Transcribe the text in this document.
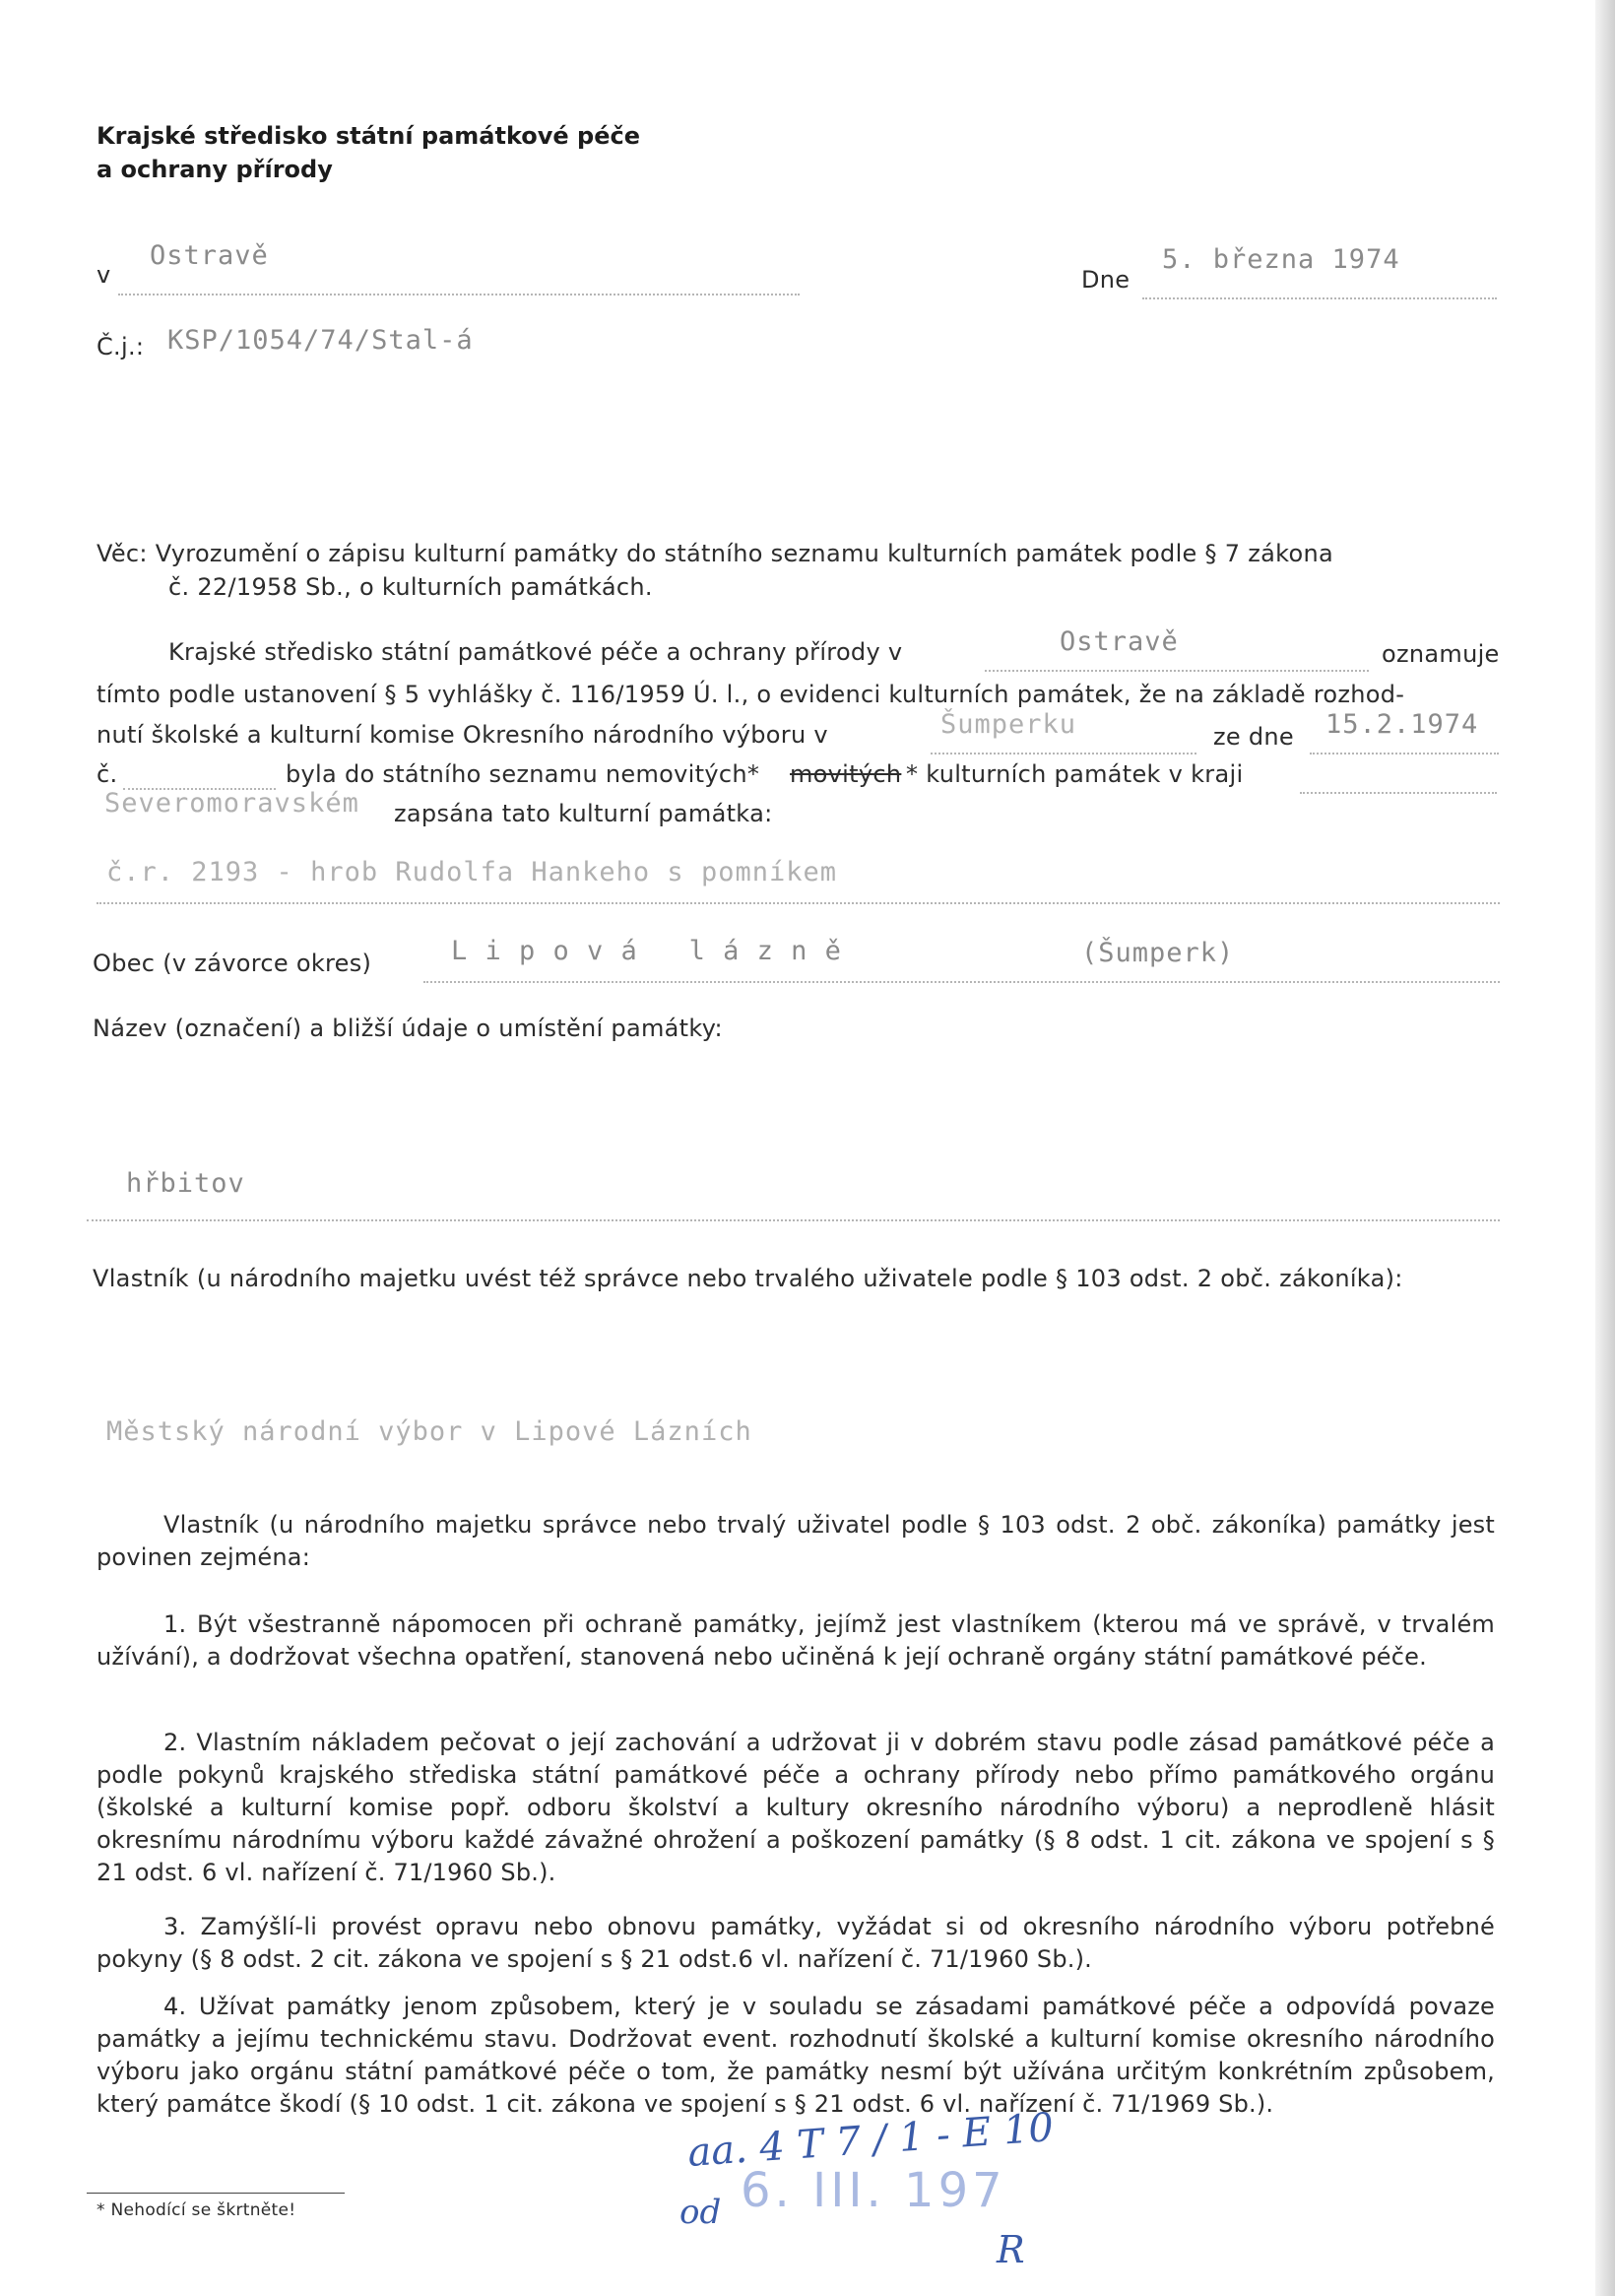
Krajské středisko státní památkové péče
a ochrany přírody
v
Ostravě
Dne
5. března 1974
Č.j.: KSP/1054/74/Stal-á
Věc: Vyrozumění o zápisu kulturní památky do státního seznamu kulturních památek podle § 7 zákona
č. 22/1958 Sb., o kulturních památkách.
Krajské středisko státní památkové péče a ochrany přírody v	Ostravě	oznamuje
tímto podle ustanovení § 5 vyhlášky č. 116/1959 Ú. l., o evidenci kulturních památek, že na základě rozhod-
nutí školské a kulturní komise Okresního národního výboru v	Šumperku	ze dne 15.2.1974
č.	byla do státního seznamu nemovitých* movitých * kulturních památek v kraji
Severomoravském zapsána tato kulturní památka:
č.r. 2193 - hrob Rudolfa Hankeho s pomníkem
Obec (v závorce okres)	L i p o v á   l á z n ě	(Šumperk)
Název (označení) a bližší údaje o umístění památky:
hřbitov
Vlastník (u národního majetku uvést též správce nebo trvalého uživatele podle § 103 odst. 2 obč. zákoníka):
Městský národní výbor v Lipové Lázních
Vlastník (u národního majetku správce nebo trvalý uživatel podle § 103 odst. 2 obč. zákoníka) památky jest povinen zejména:
1. Být všestranně nápomocen při ochraně památky, jejímž jest vlastníkem (kterou má ve správě, v trvalém užívání), a dodržovat všechna opatření, stanovená nebo učiněná k její ochraně orgány státní památkové péče.
2. Vlastním nákladem pečovat o její zachování a udržovat ji v dobrém stavu podle zásad památkové péče a podle pokynů krajského střediska státní památkové péče a ochrany přírody nebo přímo památkového orgánu (školské a kulturní komise popř. odboru školství a kultury okresního národního výboru) a neprodleně hlásit okresnímu národnímu výboru každé závažné ohrožení a poškození památky (§ 8 odst. 1 cit. zákona ve spojení s § 21 odst. 6 vl. nařízení č. 71/1960 Sb.).
3. Zamýšlí-li provést opravu nebo obnovu památky, vyžádat si od okresního národního výboru potřebné pokyny (§ 8 odst. 2 cit. zákona ve spojení s § 21 odst.6 vl. nařízení č. 71/1960 Sb.).
4. Užívat památky jenom způsobem, který je v souladu se zásadami památkové péče a odpovídá povaze památky a jejímu technickému stavu. Dodržovat event. rozhodnutí školské a kulturní komise okresního národního výboru jako orgánu státní památkové péče o tom, že památky nesmí být užívána určitým konkrétním způsobem, který památce škodí (§ 10 odst. 1 cit. zákona ve spojení s § 21 odst. 6 vl. nařízení č. 71/1969 Sb.).
aa. 4 T 7 / 1 - E 10
6. III. 197
od
R
* Nehodící se škrtněte!
